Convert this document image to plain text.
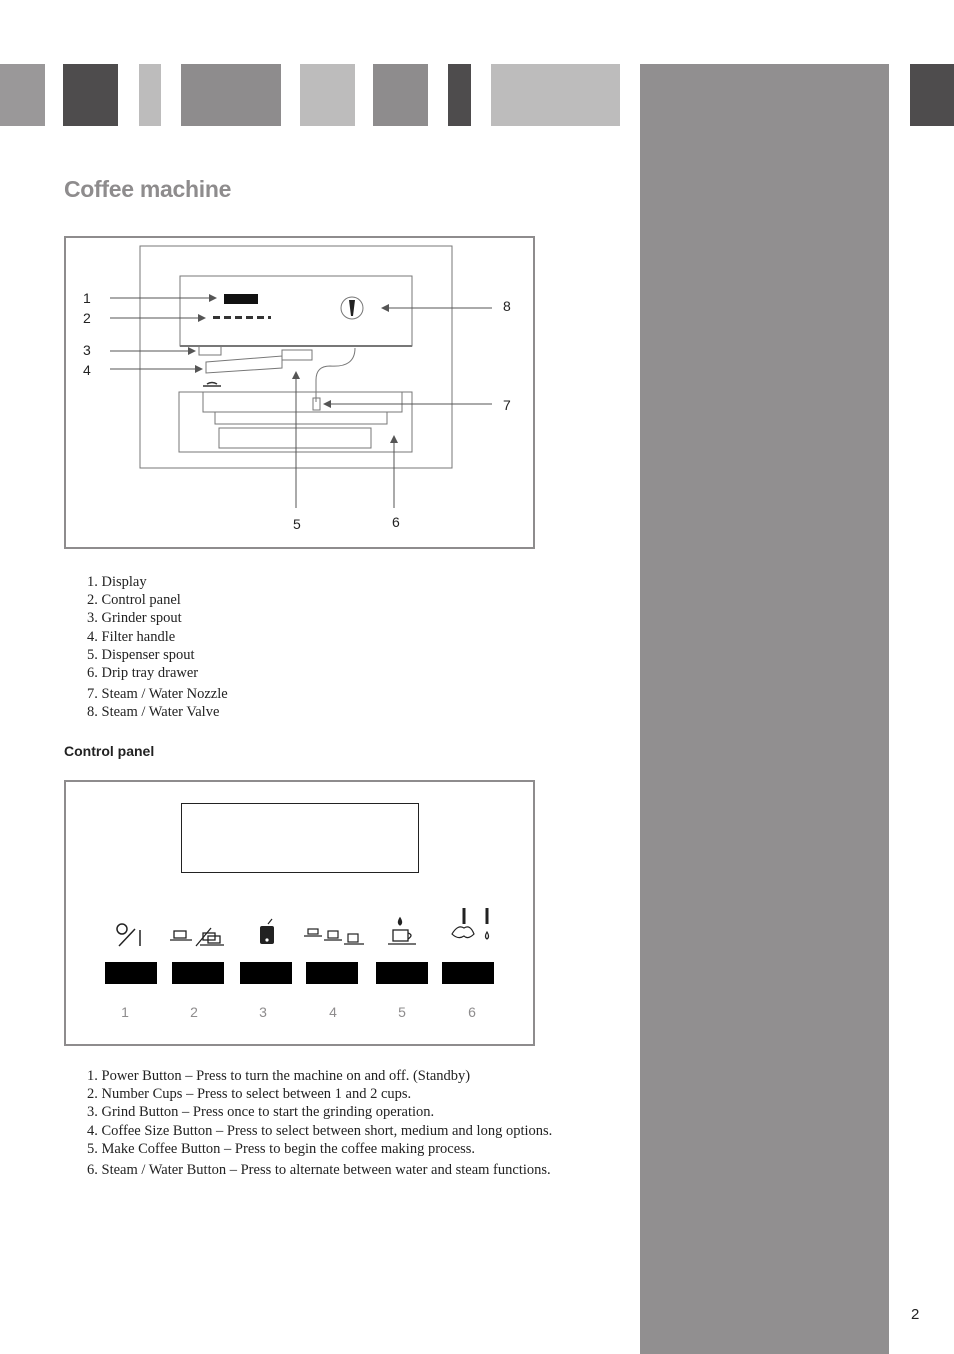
Coffee machine
1
2
3
4
5	6
7
8
1. Display
2. Control panel
3. Grinder spout
4. Filter handle
5. Dispenser spout
6. Drip tray drawer
7. Steam / Water Nozzle
8. Steam / Water Valve
Control panel
1	2	3	4	5	6
1. Power Button – Press to turn the machine on and off. (Standby)
2. Number Cups – Press to select between 1 and 2 cups.
3. Grind Button – Press once to start the grinding operation.
4. Coffee Size Button – Press to select between short, medium and long options.
5. Make Coffee Button – Press to begin the coffee making process.
6. Steam / Water Button – Press to alternate between water and steam functions.
2
